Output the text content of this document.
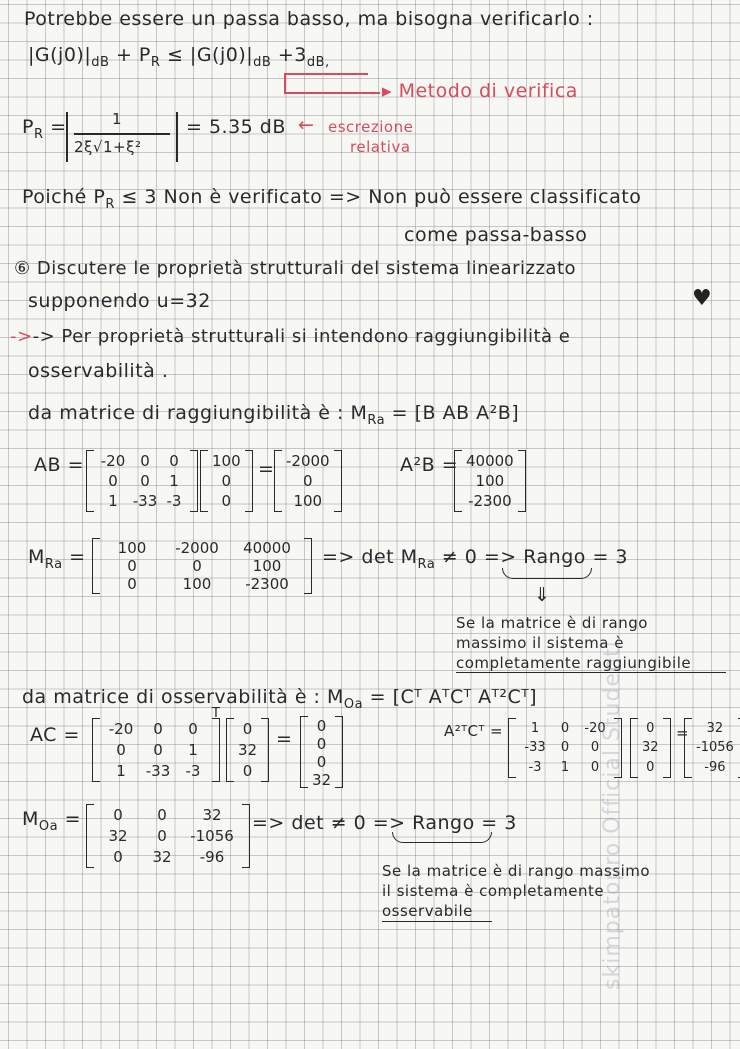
Potrebbe essere un passa basso, ma bisogna verificarlo :
$|G(j0)|_{dB} + P_R \le |G(j0)|_{dB} +3_{dB,}$
▸ Metodo di verifica
$P_R$ =	1
2ξ√1+ξ²
= 5.35 dB ← escrezione
relativa
Poiché $P_R \le 3$ Non è verificato => Non può essere classificato
come passa-basso
⑥ Discutere le proprietà strutturali del sistema linearizzato
supponendo u=32	♥
->-> Per proprietà strutturali si intendono raggiungibilità e
osservabilità .
da matrice di raggiungibilità è : $M_{Ra} = [B$ AB A²B]
AB = -20 0	0
0	0	1
1 -33 -3
100
0
0
= -2000
0
100
A²B = 40000
100
-2300
$M_{Ra}$ =	100	-2000	40000
0	0	100
0	100	-2300
=> $\det M_{Ra} \ne 0$ => Rango = 3
⇓
Se la matrice è di rango
massimo il sistema è
completamente raggiungibile
da matrice di osservabilità è : $M_{Oa}$ = [Cᵀ AᵀCᵀ Aᵀ²Cᵀ]
AC =
T
-20	0	0
0	0	1
1	-33	-3
0
32
0
=
0
0
0
32
A²ᵀCᵀ =	1	0	-20
-33	0	0
-3	1	0
0
32
0
=	32
-1056
-96
$M_{Oa}$ =	0	0	32
32	0	-1056
0	32	-96
=> det ≠ 0 => Rango = 3
Se la matrice è di rango massimo
il sistema è completamente
osservabile	skimpatopro Official Studenti
